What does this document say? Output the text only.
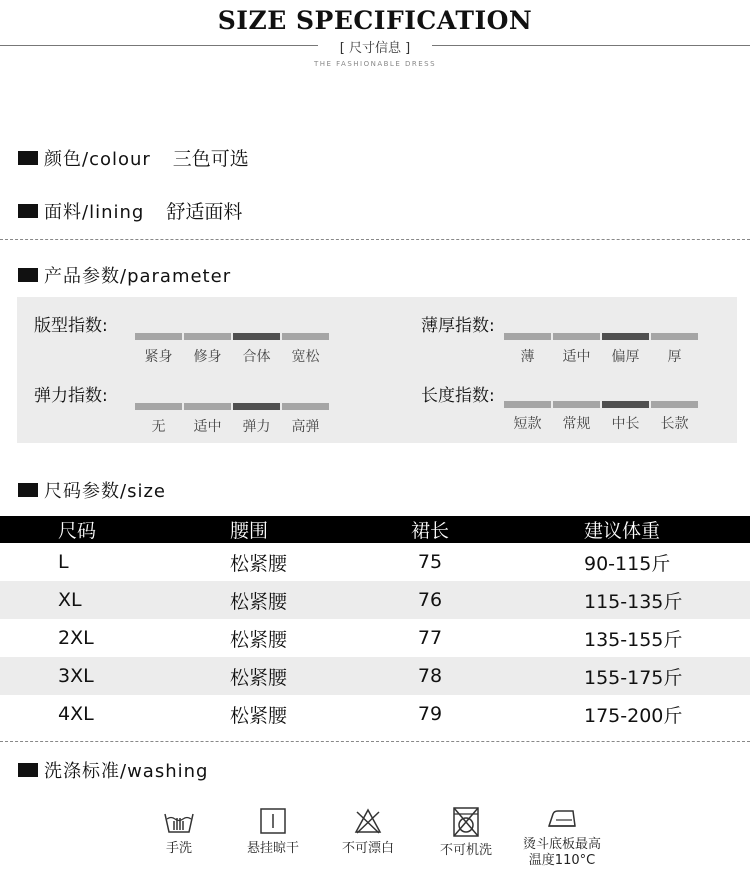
SIZE SPECIFICATION
[ 尺寸信息 ]
THE FASHIONABLE DRESS
颜色/colour 三色可选
面料/lining 舒适面料
产品参数/parameter
版型指数:
紧身	修身	合体	宽松
薄厚指数:
薄	适中	偏厚	厚
弹力指数:
无	适中	弹力	高弹
长度指数:
短款	常规	中长	长款
尺码参数/size
尺码	腰围	裙长	建议体重
L	松紧腰	75	90-115斤
XL	松紧腰	76	115-135斤
2XL	松紧腰	77	135-155斤
3XL	松紧腰	78	155-175斤
4XL	松紧腰	79	175-200斤
洗涤标准/washing
手洗	悬挂晾干	不可漂白	不可机洗	烫斗底板最高
温度110°C
